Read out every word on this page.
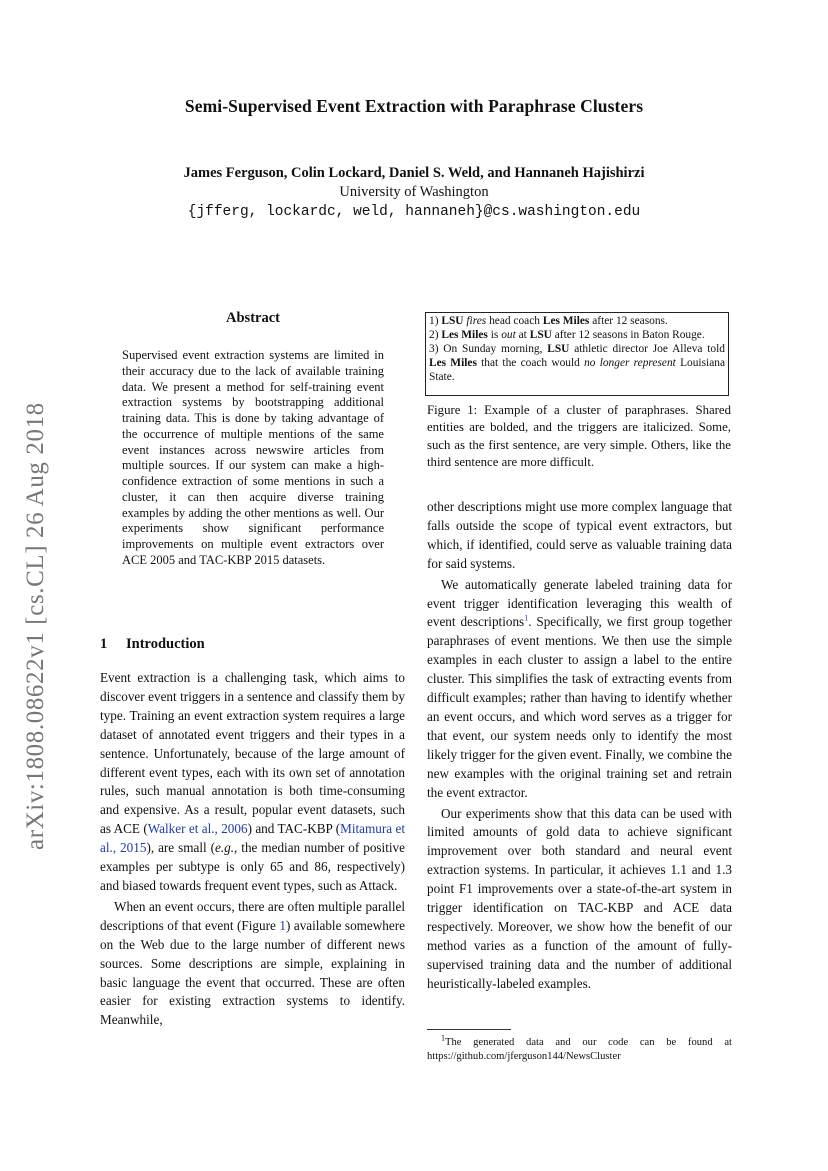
Semi-Supervised Event Extraction with Paraphrase Clusters
James Ferguson, Colin Lockard, Daniel S. Weld, and Hannaneh Hajishirzi
University of Washington
{jfferg, lockardc, weld, hannaneh}@cs.washington.edu
arXiv:1808.08622v1 [cs.CL] 26 Aug 2018
Abstract
Supervised event extraction systems are limited in their accuracy due to the lack of available training data. We present a method for self-training event extraction systems by bootstrapping additional training data. This is done by taking advantage of the occurrence of multiple mentions of the same event instances across newswire articles from multiple sources. If our system can make a high-confidence extraction of some mentions in such a cluster, it can then acquire diverse training examples by adding the other mentions as well. Our experiments show significant performance improvements on multiple event extractors over ACE 2005 and TAC-KBP 2015 datasets.
1 Introduction

Event extraction is a challenging task, which aims to discover event triggers in a sentence and classify them by type. Training an event extraction system requires a large dataset of annotated event triggers and their types in a sentence. Unfortunately, because of the large amount of different event types, each with its own set of annotation rules, such manual annotation is both time-consuming and expensive. As a result, popular event datasets, such as ACE (Walker et al., 2006) and TAC-KBP (Mitamura et al., 2015), are small (e.g., the median number of positive examples per subtype is only 65 and 86, respectively) and biased towards frequent event types, such as Attack.

When an event occurs, there are often multiple parallel descriptions of that event (Figure 1) available somewhere on the Web due to the large number of different news sources. Some descriptions are simple, explaining in basic language the event that occurred. These are often easier for existing extraction systems to identify. Meanwhile,

1) LSU fires head coach Les Miles after 12 seasons.
2) Les Miles is out at LSU after 12 seasons in Baton Rouge.
3) On Sunday morning, LSU athletic director Joe Alleva told Les Miles that the coach would no longer represent Louisiana State.
Figure 1: Example of a cluster of paraphrases. Shared entities are bolded, and the triggers are italicized. Some, such as the first sentence, are very simple. Others, like the third sentence are more difficult.

other descriptions might use more complex language that falls outside the scope of typical event extractors, but which, if identified, could serve as valuable training data for said systems.

We automatically generate labeled training data for event trigger identification leveraging this wealth of event descriptions$^1$. Specifically, we first group together paraphrases of event mentions. We then use the simple examples in each cluster to assign a label to the entire cluster. This simplifies the task of extracting events from difficult examples; rather than having to identify whether an event occurs, and which word serves as a trigger for that event, our system needs only to identify the most likely trigger for the given event. Finally, we combine the new examples with the original training set and retrain the event extractor.

Our experiments show that this data can be used with limited amounts of gold data to achieve significant improvement over both standard and neural event extraction systems. In particular, it achieves 1.1 and 1.3 point F1 improvements over a state-of-the-art system in trigger identification on TAC-KBP and ACE data respectively. Moreover, we show how the benefit of our method varies as a function of the amount of fully-supervised training data and the number of additional heuristically-labeled examples.

$^1$The generated data and our code can be found at https://github.com/jferguson144/NewsCluster
